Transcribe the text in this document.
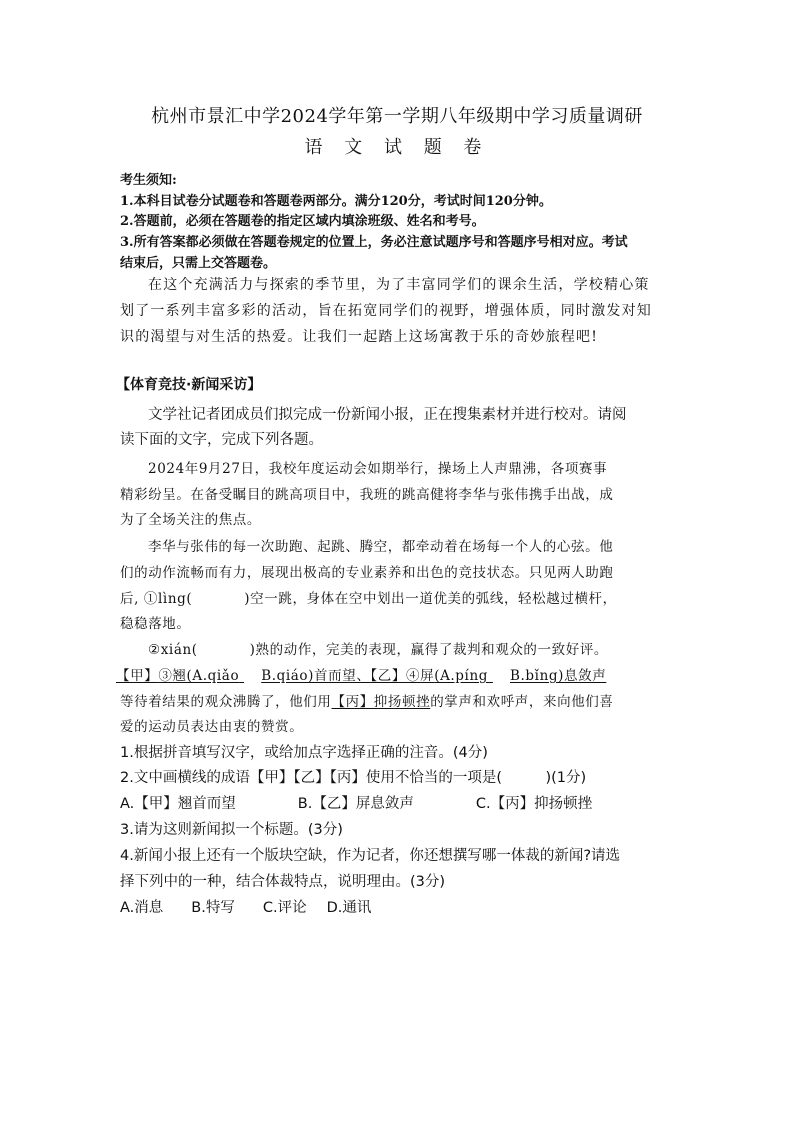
杭州市景汇中学2024学年第一学期八年级期中学习质量调研
语 文 试 题 卷
考生须知:
1.本科目试卷分试题卷和答题卷两部分。满分120分，考试时间120分钟。
2.答题前，必须在答题卷的指定区域内填涂班级、姓名和考号。
3.所有答案都必须做在答题卷规定的位置上，务必注意试题序号和答题序号相对应。考试
结束后，只需上交答题卷。
在这个充满活力与探索的季节里，为了丰富同学们的课余生活，学校精心策
划了一系列丰富多彩的活动，旨在拓宽同学们的视野，增强体质，同时激发对知
识的渴望与对生活的热爱。让我们一起踏上这场寓教于乐的奇妙旅程吧!
【体育竞技·新闻采访】
文学社记者团成员们拟完成一份新闻小报，正在搜集素材并进行校对。请阅
读下面的文字，完成下列各题。
2024年9月27日，我校年度运动会如期举行，操场上人声鼎沸，各项赛事
精彩纷呈。在备受瞩目的跳高项目中，我班的跳高健将李华与张伟携手出战，成
为了全场关注的焦点。
李华与张伟的每一次助跑、起跳、腾空，都牵动着在场每一个人的心弦。他
们的动作流畅而有力，展现出极高的专业素养和出色的竞技状态。只见两人助跑
后, ①lìng(	)空一跳，身体在空中划出一道优美的弧线，轻松越过横杆，
稳稳落地。
②xián(	)熟的动作，完美的表现，赢得了裁判和观众的一致好评。
【甲】③翘(A.qiǎo B.qiáo)首而望、【乙】④屏(A.píng B.bǐng)息敛声
等待着结果的观众沸腾了，他们用【丙】抑扬顿挫的掌声和欢呼声，来向他们喜
爱的运动员表达由衷的赞赏。
1.根据拼音填写汉字，或给加点字选择正确的注音。(4分)
2.文中画横线的成语【甲】【乙】【丙】使用不恰当的一项是(　　　)(1分)
A.【甲】翘首而望	B.【乙】屏息敛声	C.【丙】抑扬顿挫
3.请为这则新闻拟一个标题。(3分)
4.新闻小报上还有一个版块空缺，作为记者，你还想撰写哪一体裁的新闻?请选
择下列中的一种，结合体裁特点，说明理由。(3分)
A.消息 B.特写 C.评论 D.通讯
